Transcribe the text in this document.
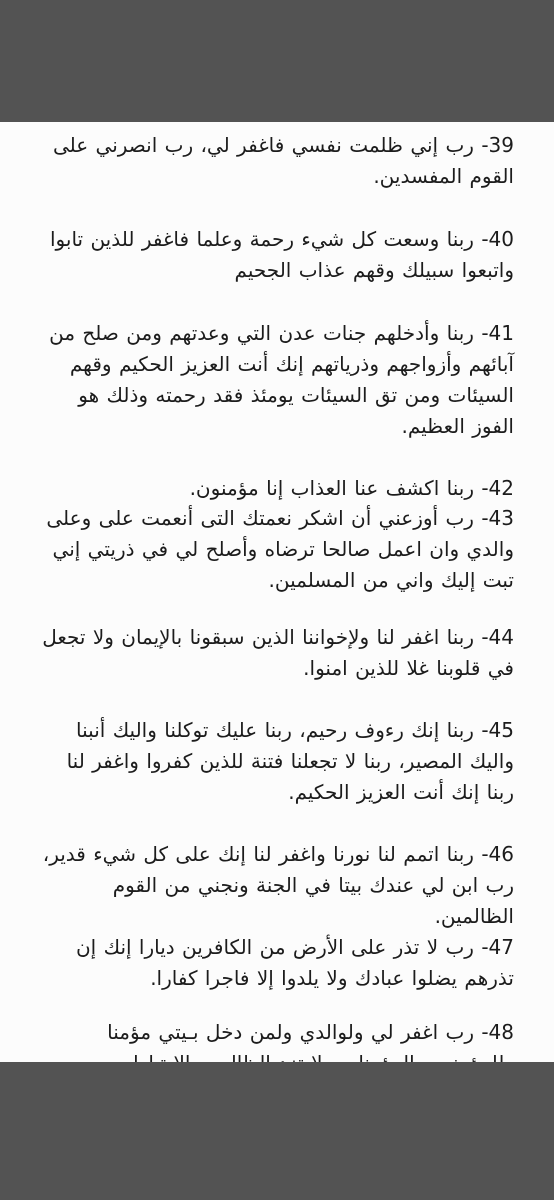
39- رب إني ظلمت نفسي فاغفر لي، رب انصرني على القوم المفسدين.

40- ربنا وسعت كل شيء رحمة وعلما فاغفر للذين تابوا واتبعوا سبيلك وقهم عذاب الجحيم

41- ربنا وأدخلهم جنات عدن التي وعدتهم ومن صلح من آبائهم وأزواجهم وذرياتهم إنك أنت العزيز الحكيم وقهم السيئات ومن تق السيئات يومئذ فقد رحمته وذلك هو الفوز العظيم.

42- ربنا اكشف عنا العذاب إنا مؤمنون.

43- رب أوزعني أن اشكر نعمتك التى أنعمت على وعلى والدي وان اعمل صالحا ترضاه وأصلح لي في ذريتي إني تبت إليك واني من المسلمين.

44- ربنا اغفر لنا ولإخواننا الذين سبقونا بالإيمان ولا تجعل في قلوبنا غلا للذين امنوا.

45- ربنا إنك رءوف رحيم، ربنا عليك توكلنا واليك أنبنا واليك المصير، ربنا لا تجعلنا فتنة للذين كفروا واغفر لنا ربنا إنك أنت العزيز الحكيم.

46- ربنا اتمم لنا نورنا واغفر لنا إنك على كل شيء قدير، رب ابن لي عندك بيتا في الجنة ونجني من القوم الظالمين.

47- رب لا تذر على الأرض من الكافرين ديارا إنك إن تذرهم يضلوا عبادك ولا يلدوا إلا فاجرا كفارا.

48- رب اغفر لي ولوالدي ولمن دخل بـيتي مؤمنا
